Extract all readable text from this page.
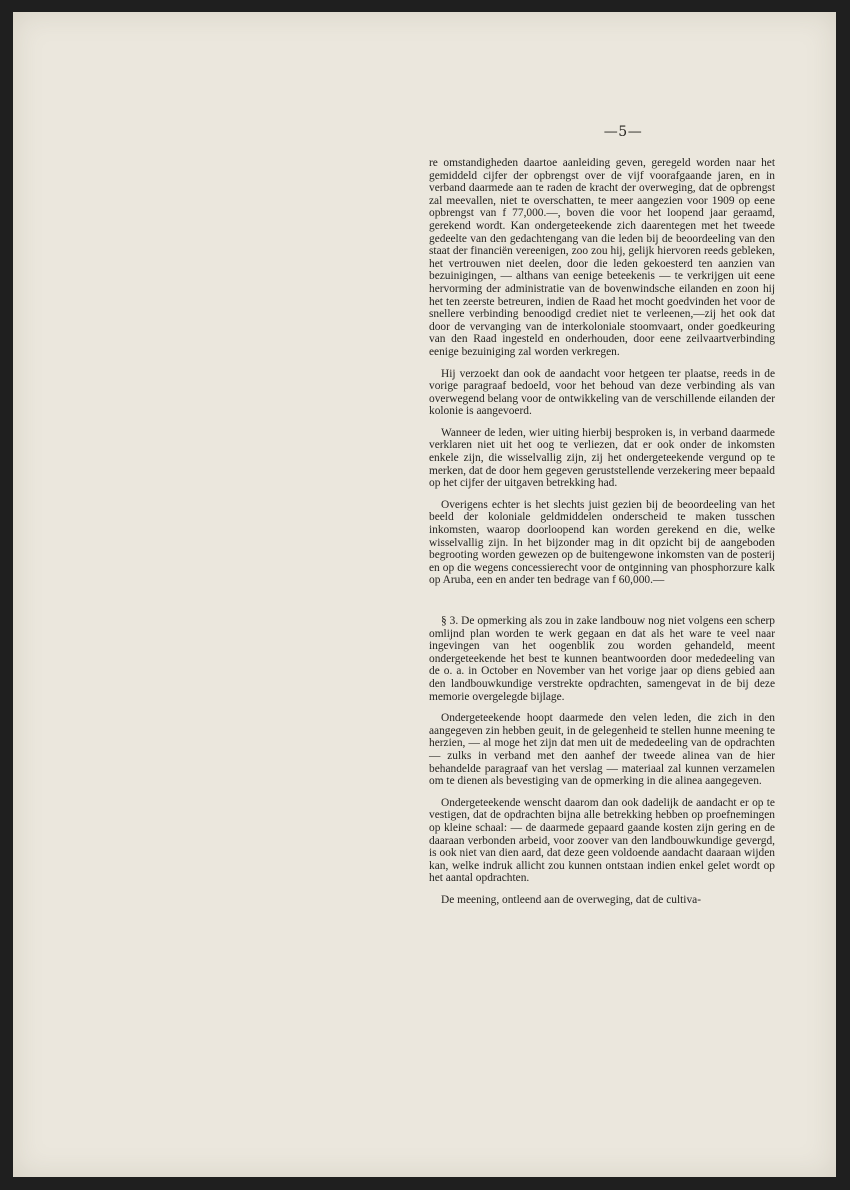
—5—

re omstandigheden daartoe aanleiding geven, geregeld worden naar het gemiddeld cijfer der opbrengst over de vijf voorafgaande jaren, en in verband daarmede aan te raden de kracht der overweging, dat de opbrengst zal meevallen, niet te overschatten, te meer aangezien voor 1909 op eene opbrengst van f 77,000.—, boven die voor het loopend jaar geraamd, gerekend wordt. Kan ondergeteekende zich daarentegen met het tweede gedeelte van den gedachtengang van die leden bij de beoordeeling van den staat der financiën vereenigen, zoo zou hij, gelijk hiervoren reeds gebleken, het vertrouwen niet deelen, door die leden gekoesterd ten aanzien van bezuinigingen, — althans van eenige beteekenis — te verkrijgen uit eene hervorming der administratie van de bovenwindsche eilanden en zoon hij het ten zeerste betreuren, indien de Raad het mocht goedvinden het voor de snellere verbinding benoodigd crediet niet te verleenen,—zij het ook dat door de vervanging van de interkoloniale stoomvaart, onder goedkeuring van den Raad ingesteld en onderhouden, door eene zeilvaartverbinding eenige bezuiniging zal worden verkregen.

Hij verzoekt dan ook de aandacht voor hetgeen ter plaatse, reeds in de vorige paragraaf bedoeld, voor het behoud van deze verbinding als van overwegend belang voor de ontwikkeling van de verschillende eilanden der kolonie is aangevoerd.

Wanneer de leden, wier uiting hierbij besproken is, in verband daarmede verklaren niet uit het oog te verliezen, dat er ook onder de inkomsten enkele zijn, die wisselvallig zijn, zij het ondergeteekende vergund op te merken, dat de door hem gegeven geruststellende verzekering meer bepaald op het cijfer der uitgaven betrekking had.

Overigens echter is het slechts juist gezien bij de beoordeeling van het beeld der koloniale geldmiddelen onderscheid te maken tusschen inkomsten, waarop doorloopend kan worden gerekend en die, welke wisselvallig zijn. In het bijzonder mag in dit opzicht bij de aangeboden begrooting worden gewezen op de buitengewone inkomsten van de posterij en op die wegens concessierecht voor de ontginning van phosphorzure kalk op Aruba, een en ander ten bedrage van f 60,000.—

§ 3. De opmerking als zou in zake landbouw nog niet volgens een scherp omlijnd plan worden te werk gegaan en dat als het ware te veel naar ingevingen van het oogenblik zou worden gehandeld, meent ondergeteekende het best te kunnen beantwoorden door mededeeling van de o. a. in October en November van het vorige jaar op diens gebied aan den landbouwkundige verstrekte opdrachten, samengevat in de bij deze memorie overgelegde bijlage.

Ondergeteekende hoopt daarmede den velen leden, die zich in den aangegeven zin hebben geuit, in de gelegenheid te stellen hunne meening te herzien, — al moge het zijn dat men uit de mededeeling van de opdrachten — zulks in verband met den aanhef der tweede alinea van de hier behandelde paragraaf van het verslag — materiaal zal kunnen verzamelen om te dienen als bevestiging van de opmerking in die alinea aangegeven.

Ondergeteekende wenscht daarom dan ook dadelijk de aandacht er op te vestigen, dat de opdrachten bijna alle betrekking hebben op proefnemingen op kleine schaal: — de daarmede gepaard gaande kosten zijn gering en de daaraan verbonden arbeid, voor zoover van den landbouwkundige gevergd, is ook niet van dien aard, dat deze geen voldoende aandacht daaraan wijden kan, welke indruk allicht zou kunnen ontstaan indien enkel gelet wordt op het aantal opdrachten.

De meening, ontleend aan de overweging, dat de cultiva-
